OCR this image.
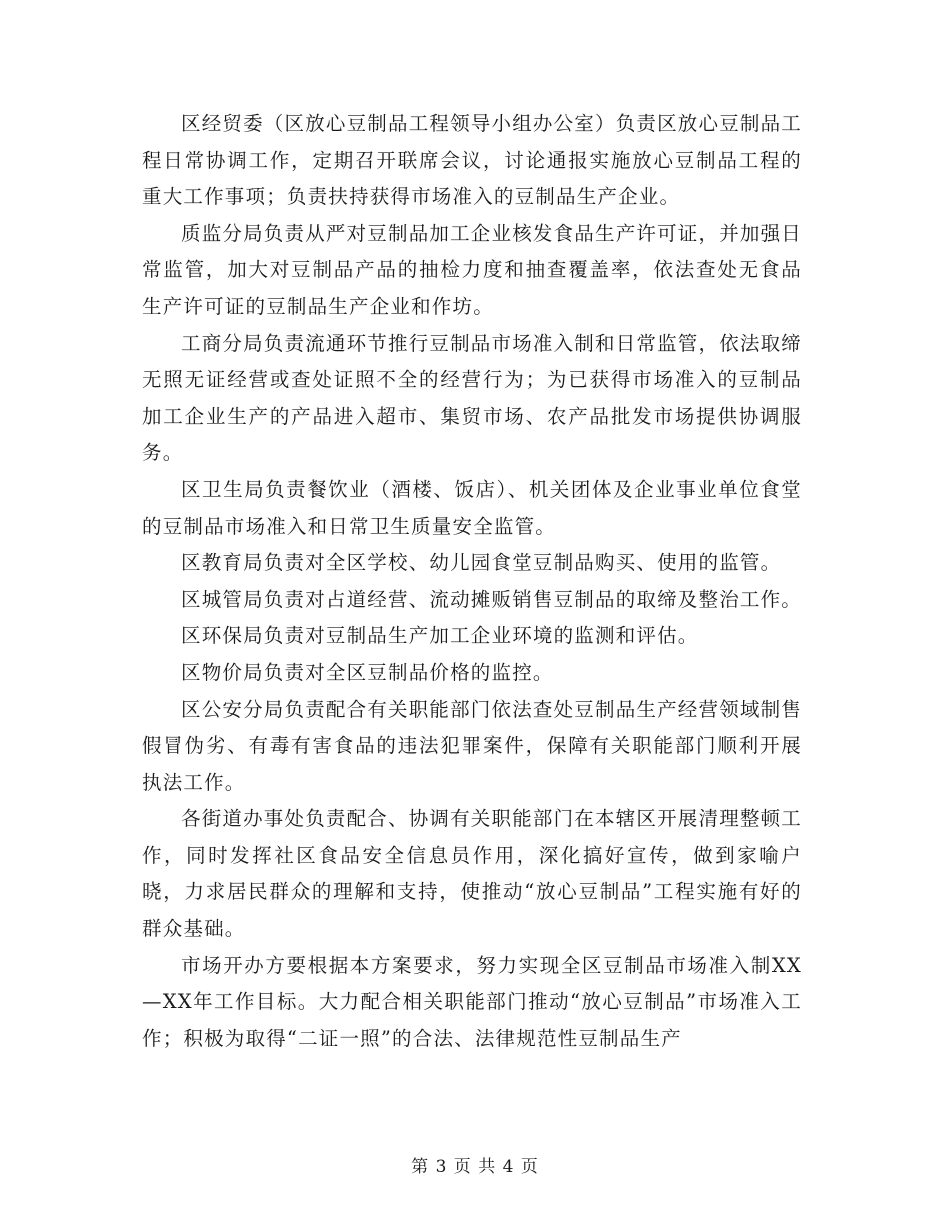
区经贸委（区放心豆制品工程领导小组办公室）负责区放心豆制品工程日常协调工作，定期召开联席会议，讨论通报实施放心豆制品工程的重大工作事项；负责扶持获得市场准入的豆制品生产企业。

质监分局负责从严对豆制品加工企业核发食品生产许可证，并加强日常监管，加大对豆制品产品的抽检力度和抽查覆盖率，依法查处无食品生产许可证的豆制品生产企业和作坊。

工商分局负责流通环节推行豆制品市场准入制和日常监管，依法取缔无照无证经营或查处证照不全的经营行为；为已获得市场准入的豆制品加工企业生产的产品进入超市、集贸市场、农产品批发市场提供协调服务。

区卫生局负责餐饮业（酒楼、饭店）、机关团体及企业事业单位食堂的豆制品市场准入和日常卫生质量安全监管。

区教育局负责对全区学校、幼儿园食堂豆制品购买、使用的监管。

区城管局负责对占道经营、流动摊贩销售豆制品的取缔及整治工作。

区环保局负责对豆制品生产加工企业环境的监测和评估。

区物价局负责对全区豆制品价格的监控。

区公安分局负责配合有关职能部门依法查处豆制品生产经营领域制售假冒伪劣、有毒有害食品的违法犯罪案件，保障有关职能部门顺利开展执法工作。

各街道办事处负责配合、协调有关职能部门在本辖区开展清理整顿工作，同时发挥社区食品安全信息员作用，深化搞好宣传，做到家喻户晓，力求居民群众的理解和支持，使推动“放心豆制品”工程实施有好的群众基础。

市场开办方要根据本方案要求，努力实现全区豆制品市场准入制XX—XX年工作目标。大力配合相关职能部门推动“放心豆制品”市场准入工作；积极为取得“二证一照”的合法、法律规范性豆制品生产

第 3 页 共 4 页
